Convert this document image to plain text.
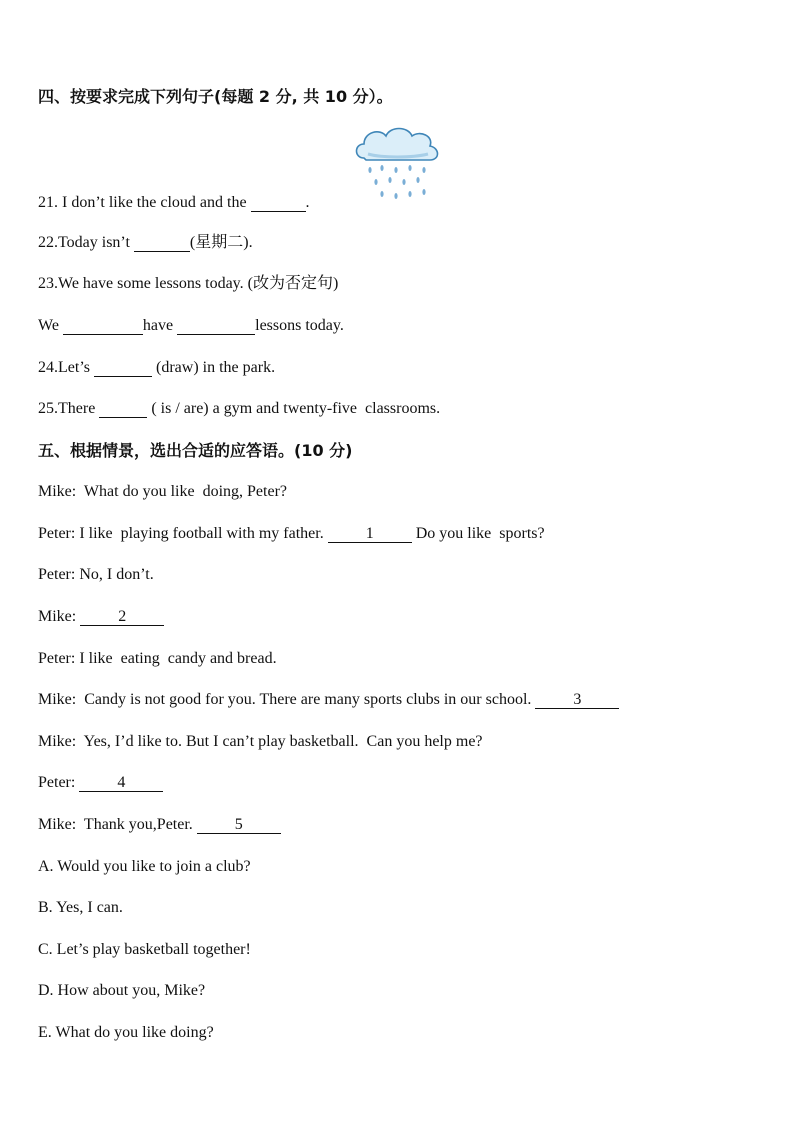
四、按要求完成下列句子(每题 2 分, 共 10 分）。
21. I don’t like the cloud and the	.
22.Today isn’t	(星期二).
23.We have some lessons today. (改为否定句)
We	have	lessons today.
24.Let’s	(draw) in the park.
25.There	( is / are) a gym and twenty-five  classrooms.
五、根据情景，选出合适的应答语。(10 分)
Mike:  What do you like  doing, Peter?
Peter: I like  playing football with my father.	1	Do you like  sports?
Peter: No, I don’t.
Mike:	2
Peter: I like  eating  candy and bread.
Mike:  Candy is not good for you. There are many sports clubs in our school.	3
Mike:  Yes, I’d like to. But I can’t play basketball.  Can you help me?
Peter:	4
Mike:  Thank you,Peter.	5
A. Would you like to join a club?
B. Yes, I can.
C. Let’s play basketball together!
D. How about you, Mike?
E. What do you like doing?
